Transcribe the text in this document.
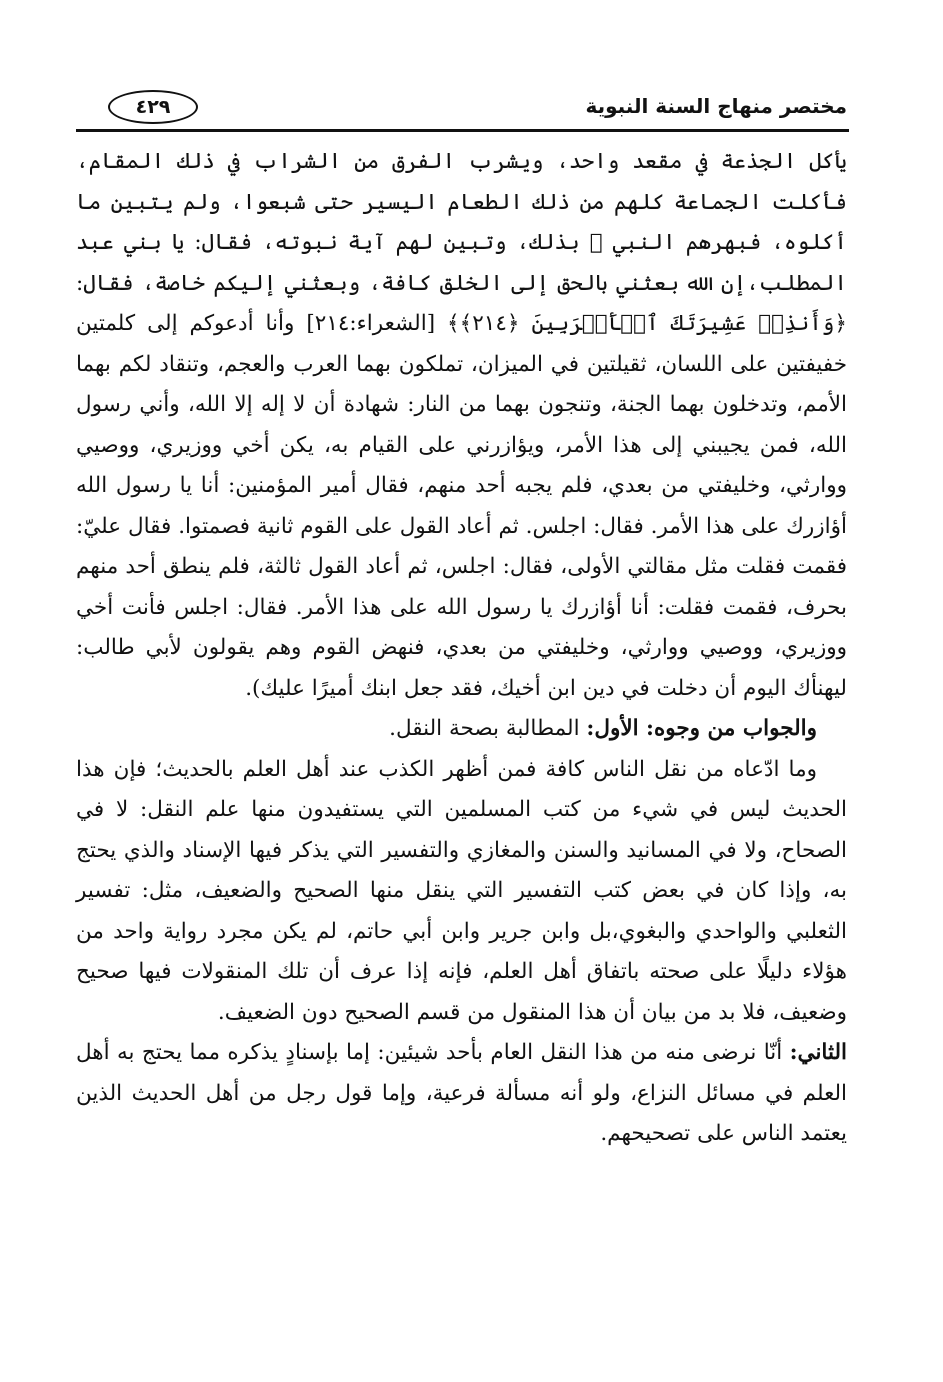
مختصر منهاج السنة النبوية
٤٢٩

يأكل الجذعة في مقعد واحد، ويشرب الفرق من الشراب في ذلك المقام، فأكلت الجماعة كلهم من ذلك الطعام اليسير حتى شبعوا، ولم يتبين ما أكلوه، فبهرهم النبي ﷺ بذلك، وتبين لهم آية نبوته، فقال: يا بني عبد المطلب،إن الله بعثني بالحق إلى الخلق كافة، وبعثني إليكم خاصة، فقال: ﴿وَأَنذِرۡ عَشِيرَتَكَ ٱلۡأَقۡرَبِينَ ﴿٢١٤﴾﴾ [الشعراء:٢١٤] وأنا أدعوكم إلى كلمتين خفيفتين على اللسان، ثقيلتين في الميزان، تملكون بهما العرب والعجم، وتنقاد لكم بهما الأمم، وتدخلون بهما الجنة، وتنجون بهما من النار: شهادة أن لا إله إلا الله، وأني رسول الله، فمن يجيبني إلى هذا الأمر، ويؤازرني على القيام به، يكن أخي ووزيري، ووصيي ووارثي، وخليفتي من بعدي، فلم يجبه أحد منهم، فقال أمير المؤمنين: أنا يا رسول الله أؤازرك على هذا الأمر. فقال: اجلس. ثم أعاد القول على القوم ثانية فصمتوا. فقال عليّ: فقمت فقلت مثل مقالتي الأولى، فقال: اجلس، ثم أعاد القول ثالثة، فلم ينطق أحد منهم بحرف، فقمت فقلت: أنا أؤازرك يا رسول الله على هذا الأمر. فقال: اجلس فأنت أخي ووزيري، ووصيي ووارثي، وخليفتي من بعدي، فنهض القوم وهم يقولون لأبي طالب: ليهنأك اليوم أن دخلت في دين ابن أخيك، فقد جعل ابنك أميرًا عليك).

والجواب من وجوه: الأول: المطالبة بصحة النقل.

وما ادّعاه من نقل الناس كافة فمن أظهر الكذب عند أهل العلم بالحديث؛ فإن هذا الحديث ليس في شيء من كتب المسلمين التي يستفيدون منها علم النقل: لا في الصحاح، ولا في المسانيد والسنن والمغازي والتفسير التي يذكر فيها الإسناد والذي يحتج به، وإذا كان في بعض كتب التفسير التي ينقل منها الصحيح والضعيف، مثل: تفسير الثعلبي والواحدي والبغوي،بل وابن جرير وابن أبي حاتم، لم يكن مجرد رواية واحد من هؤلاء دليلًا على صحته باتفاق أهل العلم، فإنه إذا عرف أن تلك المنقولات فيها صحيح وضعيف، فلا بد من بيان أن هذا المنقول من قسم الصحيح دون الضعيف.

الثاني: أنّا نرضى منه من هذا النقل العام بأحد شيئين: إما بإسنادٍ يذكره مما يحتج به أهل العلم في مسائل النزاع، ولو أنه مسألة فرعية، وإما قول رجل من أهل الحديث الذين يعتمد الناس على تصحيحهم.
